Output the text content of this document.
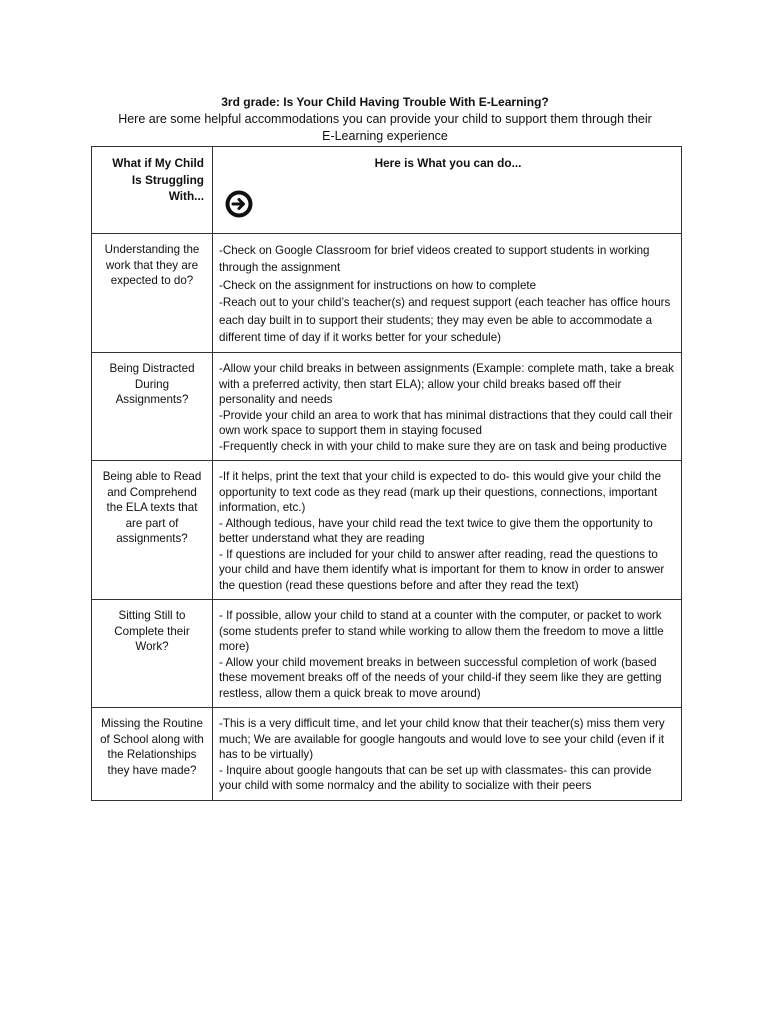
3rd grade: Is Your Child Having Trouble With E-Learning?
Here are some helpful accommodations you can provide your child to support them through their
E-Learning experience
What if My Child
Is Struggling
With...	Here is What you can do...

Understanding the work that they are expected to do?	-Check on Google Classroom for brief videos created to support students in working through the assignment

-Check on the assignment for instructions on how to complete

-Reach out to your child’s teacher(s) and request support (each teacher has office hours each day built in to support their students; they may even be able to accommodate a different time of day if it works better for your schedule)

Being Distracted During Assignments?	-Allow your child breaks in between assignments (Example: complete math, take a break with a preferred activity, then start ELA); allow your child breaks based off their personality and needs

-Provide your child an area to work that has minimal distractions that they could call their own work space to support them in staying focused

-Frequently check in with your child to make sure they are on task and being productive

Being able to Read and Comprehend the ELA texts that are part of assignments?	-If it helps, print the text that your child is expected to do- this would give your child the opportunity to text code as they read (mark up their questions, connections, important information, etc.)

- Although tedious, have your child read the text twice to give them the opportunity to better understand what they are reading

- If questions are included for your child to answer after reading, read the questions to your child and have them identify what is important for them to know in order to answer the question (read these questions before and after they read the text)

Sitting Still to Complete their Work?	- If possible, allow your child to stand at a counter with the computer, or packet to work (some students prefer to stand while working to allow them the freedom to move a little more)

- Allow your child movement breaks in between successful completion of work (based these movement breaks off of the needs of your child-if they seem like they are getting restless, allow them a quick break to move around)

Missing the Routine of School along with the Relationships they have made?	-This is a very difficult time, and let your child know that their teacher(s) miss them very much; We are available for google hangouts and would love to see your child (even if it has to be virtually)

- Inquire about google hangouts that can be set up with classmates- this can provide your child with some normalcy and the ability to socialize with their peers
